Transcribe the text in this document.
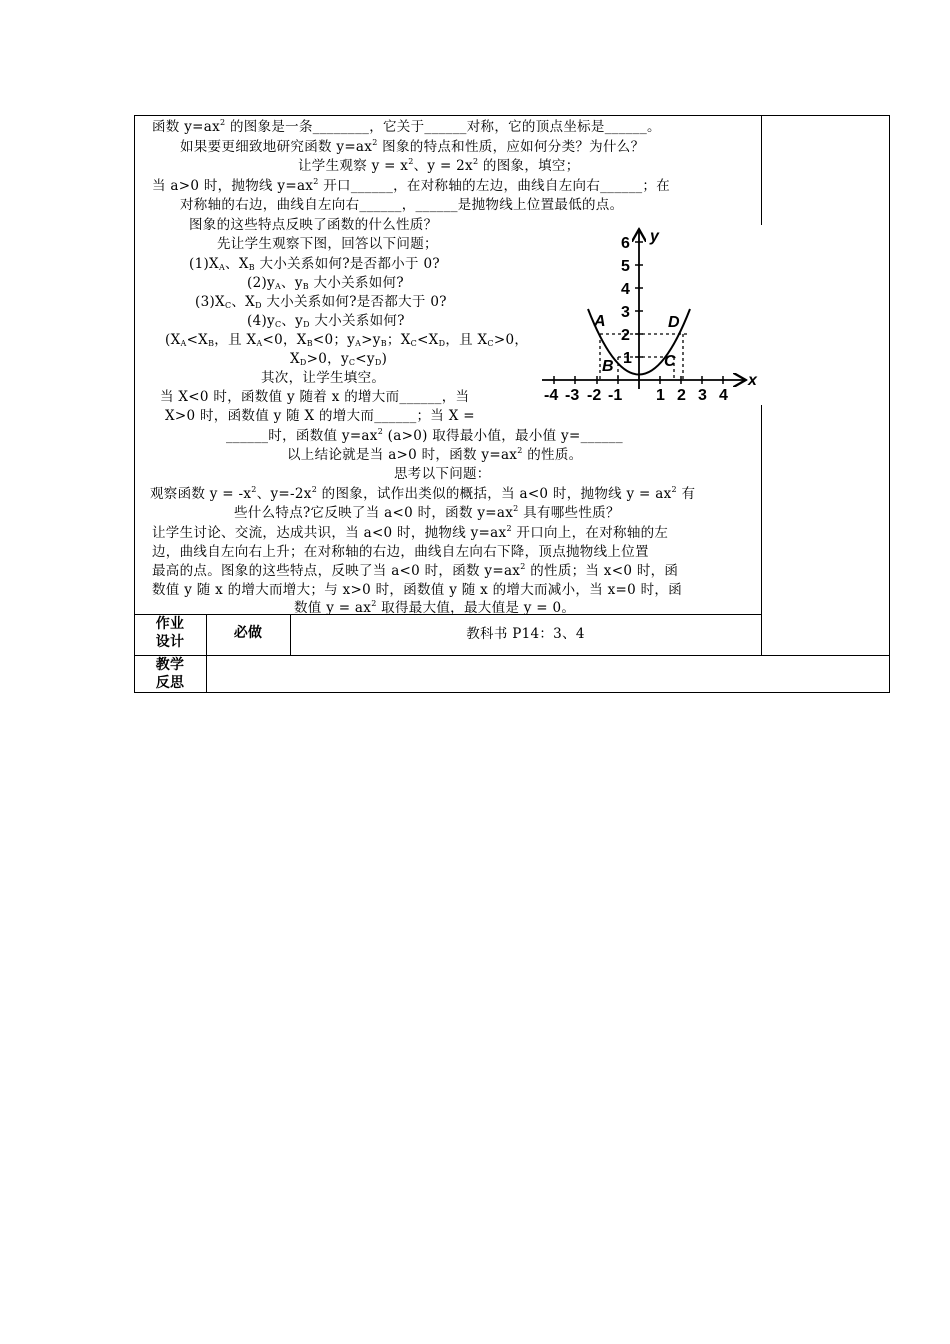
函数 $y=ax^2$ 的图象是一条________，它关于______对称，它的顶点坐标是______。
如果要更细致地研究函数 $y=ax^2$ 图象的特点和性质，应如何分类？为什么？
让学生观察 $y = x^2$、$y = 2x^2$ 的图象，填空；
当 a>0 时，抛物线 $y=ax^2$ 开口______，在对称轴的左边，曲线自左向右______；在
对称轴的右边，曲线自左向右______，______是抛物线上位置最低的点。
图象的这些特点反映了函数的什么性质？
先让学生观察下图，回答以下问题；
$(1)X_A$、$X_B$ 大小关系如何?是否都小于 0?
$(2)y_A$、$y_B$ 大小关系如何?
$(3)X_C$、$X_D$ 大小关系如何?是否都大于 0?
$(4)y_C$、$y_D$ 大小关系如何?
($X_A<X_B$，且 $X_A<0$，$X_B<0$；$y_A>y_B$；$X_C<X_D$，且 $X_C>0$，
$X_D>0$，$y_C<y_D$)
其次，让学生填空。
当 X<0 时，函数值 y 随着 x 的增大而______，当
X>0 时，函数值 y 随 X 的增大而______；当 X =
______时，函数值 $y=ax^2$ (a>0) 取得最小值，最小值 y=______
以上结论就是当 a>0 时，函数 $y=ax^2$ 的性质。
思考以下问题：
观察函数 $y = -x^2$、$y=-2x^2$ 的图象，试作出类似的概括，当 a<0 时，抛物线 $y = ax^2$ 有
些什么特点?它反映了当 a<0 时，函数 $y=ax^2$ 具有哪些性质？
让学生讨论、交流，达成共识，当 a<0 时，抛物线 $y=ax^2$ 开口向上，在对称轴的左
边，曲线自左向右上升；在对称轴的右边，曲线自左向右下降，顶点抛物线上位置
最高的点。图象的这些特点，反映了当 a<0 时，函数 $y=ax^2$ 的性质；当 x<0 时，函
数值 y 随 x 的增大而增大；与 x>0 时，函数值 y 随 x 的增大而减小，当 x=0 时，函
数值 $y = ax^2$ 取得最大值，最大值是 y = 0。
作业
设计
必做	教科书 P14：3、4
教学
反思
y
x
6
5
4
3
2
1
-4 -3 -2 -1 1 2 3 4
A
B	C
D
